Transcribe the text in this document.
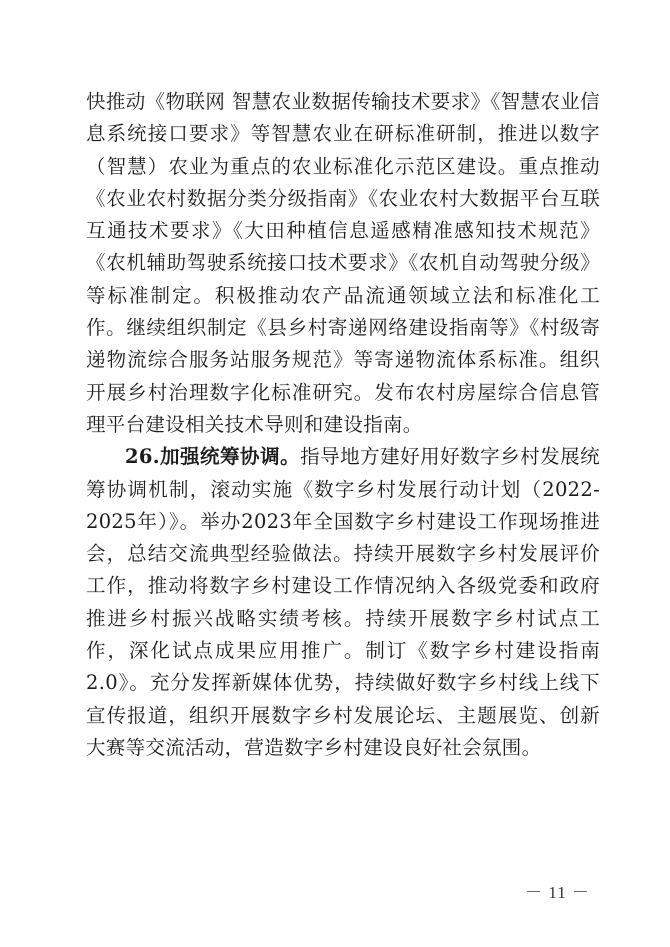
快推动《物联网 智慧农业数据传输技术要求》《智慧农业信息系统接口要求》等智慧农业在研标准研制，推进以数字（智慧）农业为重点的农业标准化示范区建设。重点推动《农业农村数据分类分级指南》《农业农村大数据平台互联互通技术要求》《大田种植信息遥感精准感知技术规范》《农机辅助驾驶系统接口技术要求》《农机自动驾驶分级》等标准制定。积极推动农产品流通领域立法和标准化工作。继续组织制定《县乡村寄递网络建设指南等》《村级寄递物流综合服务站服务规范》等寄递物流体系标准。组织开展乡村治理数字化标准研究。发布农村房屋综合信息管理平台建设相关技术导则和建设指南。

26.加强统筹协调。指导地方建好用好数字乡村发展统筹协调机制，滚动实施《数字乡村发展行动计划（2022-2025年）》。举办2023年全国数字乡村建设工作现场推进会，总结交流典型经验做法。持续开展数字乡村发展评价工作，推动将数字乡村建设工作情况纳入各级党委和政府推进乡村振兴战略实绩考核。持续开展数字乡村试点工作，深化试点成果应用推广。制订《数字乡村建设指南2.0》。充分发挥新媒体优势，持续做好数字乡村线上线下宣传报道，组织开展数字乡村发展论坛、主题展览、创新大赛等交流活动，营造数字乡村建设良好社会氛围。

－ 11 －
